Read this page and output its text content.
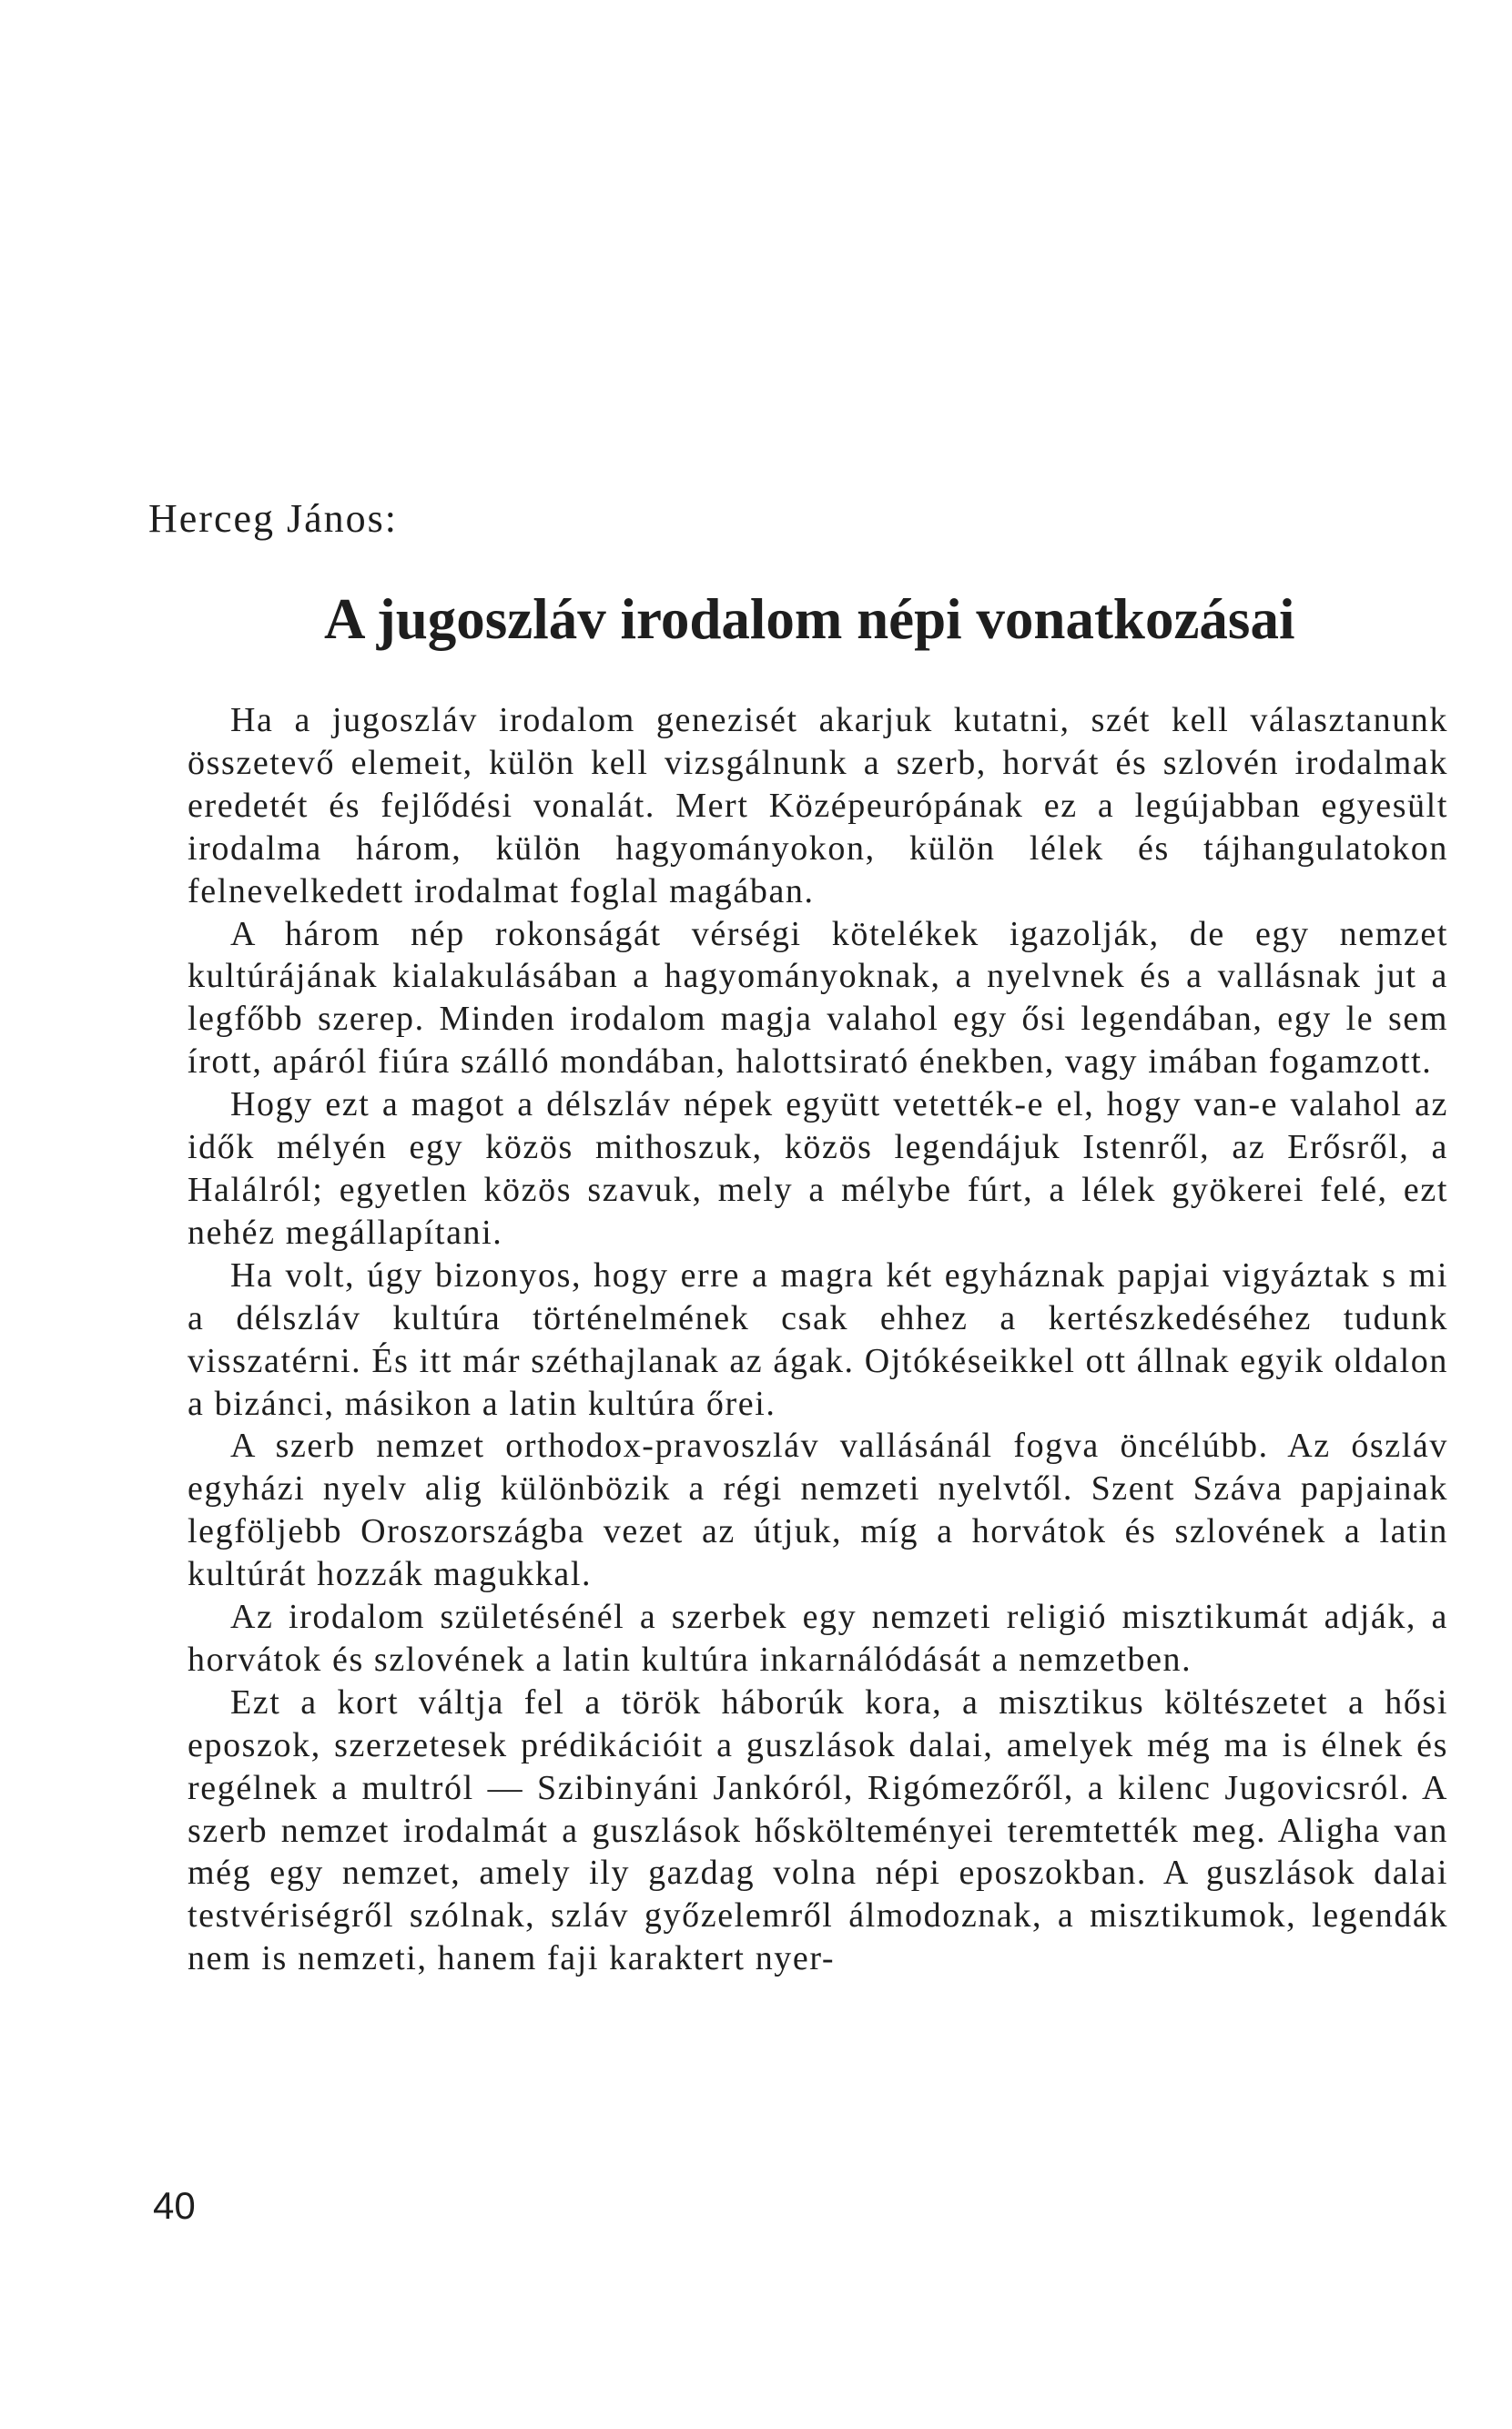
Herceg János:

A jugoszláv irodalom népi vonatkozásai

Ha a jugoszláv irodalom genezisét akarjuk kutatni, szét kell választanunk összetevő elemeit, külön kell vizsgálnunk a szerb, horvát és szlovén irodalmak eredetét és fejlődési vonalát. Mert Középeurópának ez a legújabban egyesült irodalma három, külön hagyományokon, külön lélek és tájhangulatokon felnevelkedett irodalmat foglal magában.

A három nép rokonságát vérségi kötelékek igazolják, de egy nemzet kultúrájának kialakulásában a hagyományoknak, a nyelvnek és a vallásnak jut a legfőbb szerep. Minden irodalom magja valahol egy ősi legendában, egy le sem írott, apáról fiúra szálló mondában, halottsirató énekben, vagy imában fogamzott.

Hogy ezt a magot a délszláv népek együtt vetették-e el, hogy van-e valahol az idők mélyén egy közös mithoszuk, közös legendájuk Istenről, az Erősről, a Halálról; egyetlen közös szavuk, mely a mélybe fúrt, a lélek gyökerei felé, ezt nehéz megállapítani.

Ha volt, úgy bizonyos, hogy erre a magra két egyháznak papjai vigyáztak s mi a délszláv kultúra történelmének csak ehhez a kertészkedéséhez tudunk visszatérni. És itt már széthajlanak az ágak. Ojtókéseikkel ott állnak egyik oldalon a bizánci, másikon a latin kultúra őrei.

A szerb nemzet orthodox-pravoszláv vallásánál fogva öncélúbb. Az ószláv egyházi nyelv alig különbözik a régi nemzeti nyelvtől. Szent Száva papjainak legföljebb Oroszországba vezet az útjuk, míg a horvátok és szlovének a latin kultúrát hozzák magukkal.

Az irodalom születésénél a szerbek egy nemzeti religió misztikumát adják, a horvátok és szlovének a latin kultúra inkarnálódását a nemzetben.

Ezt a kort váltja fel a török háborúk kora, a misztikus költészetet a hősi eposzok, szerzetesek prédikációit a guszlások dalai, amelyek még ma is élnek és regélnek a multról — Szibinyáni Jankóról, Rigómezőről, a kilenc Jugovicsról. A szerb nemzet irodalmát a guszlások hőskölteményei teremtették meg. Aligha van még egy nemzet, amely ily gazdag volna népi eposzokban. A guszlások dalai testvériségről szólnak, szláv győzelemről álmodoznak, a misztikumok, legendák nem is nemzeti, hanem faji karaktert nyer-

40
